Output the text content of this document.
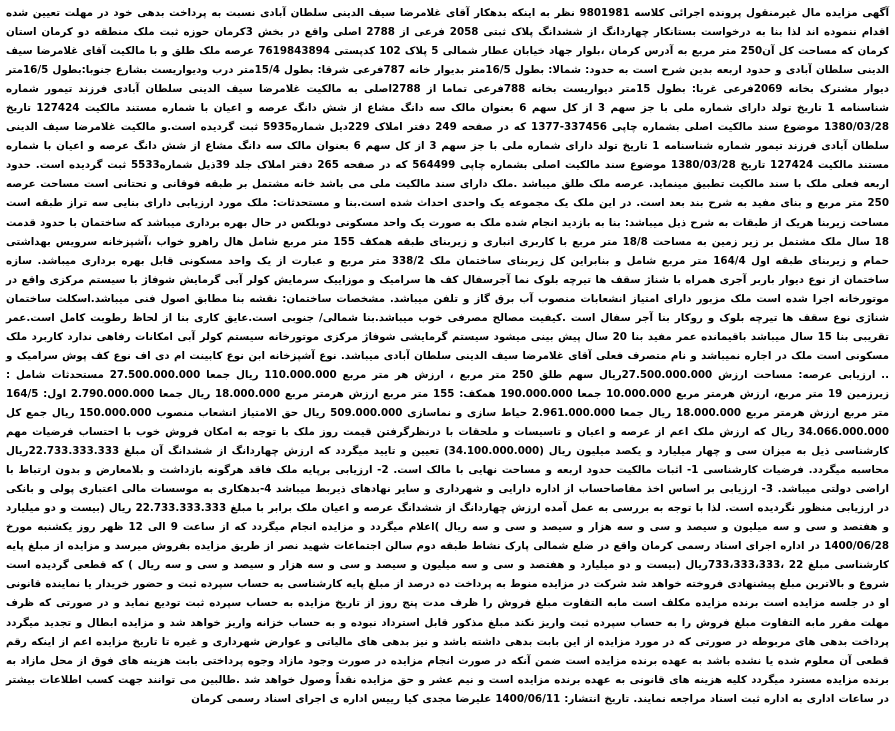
آگهی مزایده مال غیرمنقول پرونده اجرائی کلاسه 9801981 نظر به اینکه بدهکار آقای غلامرضا سیف الدینی سلطان آبادی نسبت به پرداخت بدهی خود در مهلت تعیین شده اقدام ننموده اند لذا بنا به درخواست بستانکار چهاردانگ از ششدانگ پلاک ثبتی 2058 فرعی از 2788 اصلی واقع در بخش 3کرمان حوزه ثبت ملک منطقه دو کرمان استان کرمان که مساحت کل آن250 متر مربع به آدرس کرمان ،بلوار جهاد خیابان عطار شمالی 5 پلاک 102 کدپستی 7619843894 عرصه ملک طلق و با مالکیت آقای غلامرضا سیف الدینی سلطان آبادی و حدود اربعه بدین شرح است به حدود: شمالا: بطول 16/5متر بدیوار خانه 787فرعی شرقا: بطول 15/4متر درب ودیواریست بشارع جنوبا:بطول 16/5متر دیوار مشترک بخانه 2069فرعی غربا: بطول 15متر دیواریست بخانه 788فرعی تماما از 2788اصلی به مالکیت غلامرضا سیف الدینی سلطان آبادی فرزند تیمور شماره شناسنامه 1 تاریخ تولد دارای شماره ملی با جز سهم 3 از کل سهم 6 بعنوان مالک سه دانگ مشاع از شش دانگ عرصه و اعیان با شماره مستند مالکیت 127424 تاریخ 1380/03/28 موضوع سند مالکیت اصلی بشماره چاپی 337456-1377 که در صفحه 249 دفتر املاک 229دیل شماره5935 ثبت گردیده است.و مالکیت غلامرضا سیف الدینی سلطان آبادی فرزند تیمور شماره شناسنامه 1 تاریخ تولد دارای شماره ملی با جز سهم 3 از کل سهم 6 بعنوان مالک سه دانگ مشاع از شش دانگ عرصه و اعیان با شماره مستند مالکیت 127424 تاریخ 1380/03/28 موضوع سند مالکیت اصلی بشماره چاپی 564499 که در صفحه 265 دفتر املاک جلد 39ذیل شماره5533 ثبت گردیده است. حدود اربعه فعلی ملک با سند مالکیت تطبیق مینماید. عرصه ملک طلق میباشد .ملک دارای سند مالکیت ملی می باشد خانه مشتمل بر طبقه فوقانی و تحتانی است مساحت عرصه 250 متر مربع و بنای مفید به شرح بند بعد است. در این ملک یک مجموعه یک واحدی احداث شده است.بنا و مستحدثات: ملک مورد ارزیابی دارای بنایی سه تراز طبقه است مساحت زیربنا هریک از طبقات به شرح ذیل میباشد: بنا به بازدید انجام شده ملک به صورت یک واحد مسکونی دوبلکس در حال بهره برداری میباشد که ساختمان با حدود قدمت 18 سال ملک مشتمل بر زیر زمین به مساحت 18/8 متر مربع با کاربری انباری و زیربنای طبقه همکف 155 متر مربع شامل هال راهرو خواب ،آشپزخانه سرویس بهداشتی حمام و زیربنای طبقه اول 164/4 متر مربع شامل و بنابراین کل زیربنای ساختمان ملک 338/2 متر مربع و عبارت از یک واحد مسکونی قابل بهره برداری میباشد. سازه ساختمان از نوع دیوار باربر آجری همراه با شناژ سقف ها تیرچه بلوک نما آجرسفال کف ها سرامیک و موزاییک سرمایش کولر آبی گرمایش شوفاژ با سیستم مرکزی واقع در موتورخانه اجرا شده است ملک مزبور دارای امتیاز انشعابات منصوب آب برق گاز و تلفن میباشد. مشخصات ساختمان: نقشه بنا مطابق اصول فنی میباشد.اسکلت ساختمان شناژی نوع سقف ها تیرچه بلوک و روکار بنا آجر سفال است .کیفیت مصالح مصرفی خوب میباشد.بنا شمالی/ جنوبی است.عایق کاری بنا از لحاظ رطوبت کامل است.عمر تقریبی بنا 15 سال میباشد باقیمانده عمر مفید بنا 20 سال پیش بینی میشود سیستم گرمایشی شوفاژ مرکزی موتورخانه سیستم کولر آبی امکانات رفاهی ندارد کاربرد ملک مسکونی است ملک در اجاره نمیباشد و نام متصرف فعلی آقای غلامرضا سیف الدینی سلطان آبادی میباشد. نوع آشپزخانه ابن نوع کابینت ام دی اف نوع کف پوش سرامیک و .. ارزیابی عرصه: مساحت ارزش 27.500.000.000ریال سهم طلق 250 متر مربع ، ارزش هر متر مربع 110.000.000 ریال جمعا 27.500.000.000 مستحدثات شامل : زیرزمین 19 متر مربع، ارزش هرمتر مربع 10.000.000 جمعا 190.000.000 همکف: 155 متر مربع ارزش هرمتر مربع 18.000.000 ریال جمعا 2.790.000.000 اول: 164/5 متر مربع ارزش هرمتر مربع 18.000.000 ریال جمعا 2.961.000.000 حیاط سازی و نماسازی 509.000.000 ریال حق الامتیاز انشعاب منصوب 150.000.000 ریال جمع کل 34.066.000.000 ریال که ارزش ملک اعم از عرصه و اعیان و تاسیسات و ملحقات با درنظرگرفتن قیمت روز ملک با توجه به امکان فروش خوب با احتساب فرضیات مهم کارشناسی ذیل به میزان سی و چهار میلیارد و یکصد میلیون ریال (34.100.000.000) تعیین و تایید میگردد که ارزش چهاردانگ از ششدانگ آن مبلغ 22.733.333.333ریال محاسبه میگردد. فرضیات کارشناسی 1- اثبات مالکیت حدود اربعه و مساحت نهایی با مالک است. 2- ارزیابی برپایه ملک فاقد هرگونه بازداشت و بلامعارض و بدون ارتباط با اراضی دولتی میباشد. 3- ارزیابی بر اساس اخذ مفاصاحساب از اداره دارایی و شهرداری و سایر نهادهای ذیربط میباشد 4-بدهکاری به موسسات مالی اعتباری پولی و بانکی در ارزیابی منظور نگردیده است. لذا با توجه به بررسی به عمل آمده ارزش چهاردانگ از ششدانگ عرصه و اعیان ملک برابر با مبلغ 22.733.333.333 ریال (بیست و دو میلیارد و هفتصد و سی و سه میلیون و سیصد و سی و سه هزار و سیصد و سی و سه ریال )اعلام میگردد و مزایده انجام میگردد که از ساعت 9 الی 12 ظهر روز یکشنبه مورخ 1400/06/28 در اداره اجرای اسناد رسمی کرمان واقع در ضلع شمالی پارک نشاط طبقه دوم سالن اجتماعات شهید نصر از طریق مزایده بفروش میرسد و مزایده از مبلغ پایه کارشناسی مبلغ 22 ،733،333،333ریال (بیست و دو میلیارد و هفتصد و سی و سه میلیون و سیصد و سی و سه هزار و سیصد و سی و سه ریال ) که قطعی گردیده است شروع و بالاترین مبلغ پیشنهادی فروخته خواهد شد شرکت در مزایده منوط به پرداخت ده درصد از مبلغ پایه کارشناسی به حساب سپرده ثبت و حضور خریدار یا نماینده قانونی او در جلسه مزایده است برنده مزایده مکلف است مابه التفاوت مبلغ فروش را ظرف مدت پنج روز از تاریخ مزایده به حساب سپرده ثبت تودیع نماید و در صورتی که ظرف مهلت مقرر مابه التفاوت مبلغ فروش را به حساب سپرده ثبت واریز نکند مبلغ مذکور قابل استرداد نبوده و به حساب خزانه واریز خواهد شد و مزایده ابطال و تجدید میگردد پرداخت بدهی های مربوطه در صورتی که در مورد مزایده از این بابت بدهی داشته باشد و نیز بدهی های مالیاتی و عوارض شهرداری و غیره تا تاریخ مزایده اعم از اینکه رقم قطعی آن معلوم شده یا نشده باشد به عهده برنده مزایده است ضمن آنکه در صورت انجام مزایده در صورت وجود مازاد وجوه پرداختی بابت هزینه های فوق از محل مازاد به برنده مزایده مسترد میگردد کلیه هزینه های قانونی به عهده برنده مزایده است و نیم عشر و حق مزایده نقداً وصول خواهد شد .طالبین می توانند جهت کسب اطلاعات بیشتر در ساعات اداری به اداره ثبت اسناد مراجعه نمایند. تاریخ انتشار: 1400/06/11 علیرضا مجدی کیا رییس اداره ی اجرای اسناد رسمی کرمان
